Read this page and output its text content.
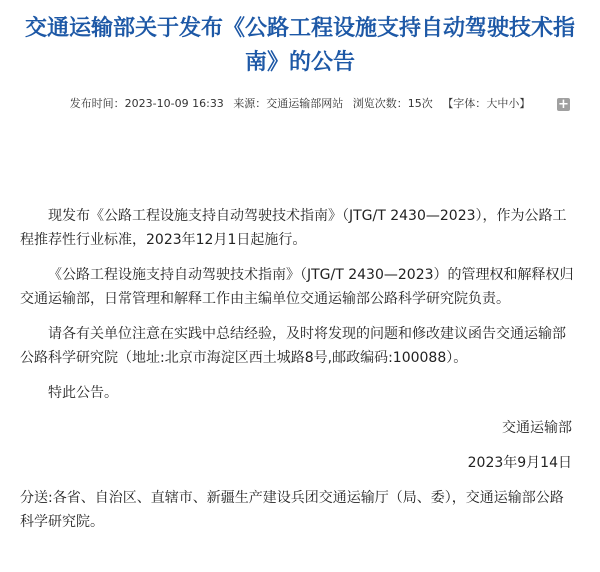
交通运输部关于发布《公路工程设施支持自动驾驶技术指
南》的公告
发布时间：2023-10-09 16:33 来源：交通运输部网站 浏览次数：15次 【字体：大中小】	+

现发布《公路工程设施支持自动驾驶技术指南》（JTG/T 2430—2023），作为公路工程推荐性行业标准，2023年12月1日起施行。

《公路工程设施支持自动驾驶技术指南》（JTG/T 2430—2023）的管理权和解释权归交通运输部，日常管理和解释工作由主编单位交通运输部公路科学研究院负责。

请各有关单位注意在实践中总结经验，及时将发现的问题和修改建议函告交通运输部公路科学研究院（地址:北京市海淀区西土城路8号,邮政编码:100088）。

特此公告。

交通运输部

2023年9月14日

分送:各省、自治区、直辖市、新疆生产建设兵团交通运输厅（局、委），交通运输部公路科学研究院。
